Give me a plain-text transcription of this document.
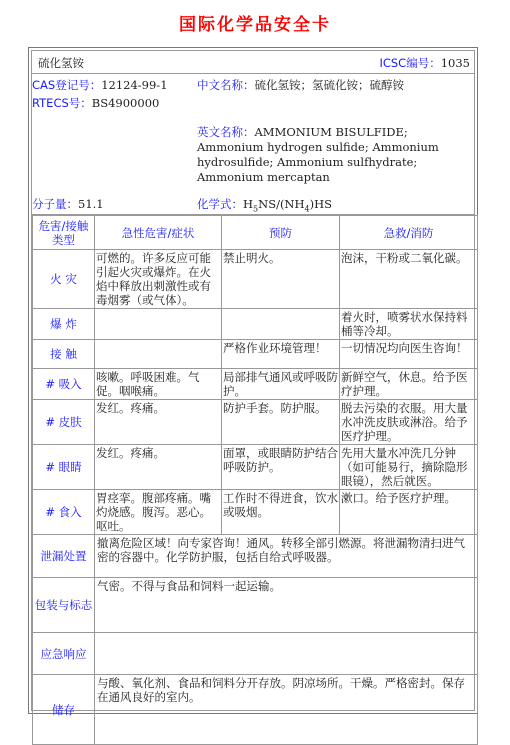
国际化学品安全卡
硫化氢铵	ICSC编号：1035
CAS登记号：12124-99-1
RTECS号：BS4900000
中文名称：硫化氢铵；氢硫化铵；硫醇铵
英文名称：AMMONIUM BISULFIDE; Ammonium hydrogen sulfide; Ammonium hydrosulfide; Ammonium sulfhydrate; Ammonium mercaptan
分子量：51.1	化学式：$H_5NS/(NH_4)HS$
危害/接触类型	急性危害/症状	预防	急救/消防
火 灾	可燃的。许多反应可能引起火灾或爆炸。在火焰中释放出刺激性或有毒烟雾（或气体）。	禁止明火。	泡沫，干粉或二氧化碳。
爆 炸			着火时，喷雾状水保持料桶等冷却。
接 触		严格作业环境管理！	一切情况均向医生咨询！
# 吸入	咳嗽。呼吸困难。气促。咽喉痛。	局部排气通风或呼吸防护。	新鲜空气，休息。给予医疗护理。
# 皮肤	发红。疼痛。	防护手套。防护服。	脱去污染的衣服。用大量水冲洗皮肤或淋浴。给予医疗护理。
# 眼睛	发红。疼痛。	面罩，或眼睛防护结合呼吸防护。	先用大量水冲洗几分钟（如可能易行，摘除隐形眼镜），然后就医。
# 食入	胃痉挛。腹部疼痛。嘴灼烧感。腹泻。恶心。呕吐。	工作时不得进食，饮水或吸烟。	漱口。给予医疗护理。
泄漏处置	撤离危险区域！向专家咨询！通风。转移全部引燃源。将泄漏物清扫进气密的容器中。化学防护服，包括自给式呼吸器。		
包装与标志	气密。不得与食品和饲料一起运输。		
应急响应			
储存	与酸、氧化剂、食品和饲料分开存放。阴凉场所。干燥。严格密封。保存在通风良好的室内。		
